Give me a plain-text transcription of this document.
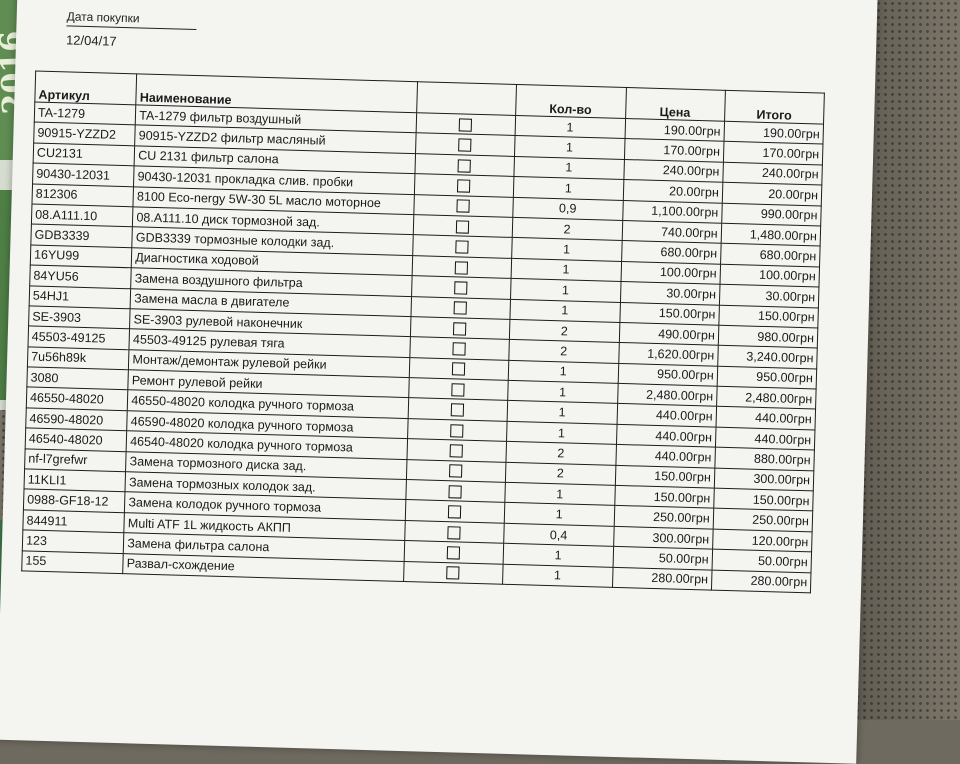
Дата покупки
12/04/17
Артикул	Наименование		Кол-во	Цена	Итого
TA-1279	TA-1279 фильтр воздушный		1	190.00грн	190.00грн
90915-YZZD2	90915-YZZD2 фильтр масляный		1	170.00грн	170.00грн
CU2131	CU 2131 фильтр салона		1	240.00грн	240.00грн
90430-12031	90430-12031 прокладка слив. пробки		1	20.00грн	20.00грн
812306	8100 Eco-nergy 5W-30 5L масло моторное		0,9	1,100.00грн	990.00грн
08.A111.10	08.A111.10 диск тормозной зад.		2	740.00грн	1,480.00грн
GDB3339	GDB3339 тормозные колодки зад.		1	680.00грн	680.00грн
16YU99	Диагностика ходовой		1	100.00грн	100.00грн
84YU56	Замена воздушного фильтра		1	30.00грн	30.00грн
54HJ1	Замена масла в двигателе		1	150.00грн	150.00грн
SE-3903	SE-3903 рулевой наконечник		2	490.00грн	980.00грн
45503-49125	45503-49125 рулевая тяга		2	1,620.00грн	3,240.00грн
7u56h89k	Монтаж/демонтаж рулевой рейки		1	950.00грн	950.00грн
3080	Ремонт рулевой рейки		1	2,480.00грн	2,480.00грн
46550-48020	46550-48020 колодка ручного тормоза		1	440.00грн	440.00грн
46590-48020	46590-48020 колодка ручного тормоза		1	440.00грн	440.00грн
46540-48020	46540-48020 колодка ручного тормоза		2	440.00грн	880.00грн
nf-l7grefwr	Замена тормозного диска зад.		2	150.00грн	300.00грн
11KLI1	Замена тормозных колодок зад.		1	150.00грн	150.00грн
0988-GF18-12	Замена колодок ручного тормоза		1	250.00грн	250.00грн
844911	Multi ATF 1L жидкость АКПП		0,4	300.00грн	120.00грн
123	Замена фильтра салона		1	50.00грн	50.00грн
155	Развал-схождение		1	280.00грн	280.00грн
